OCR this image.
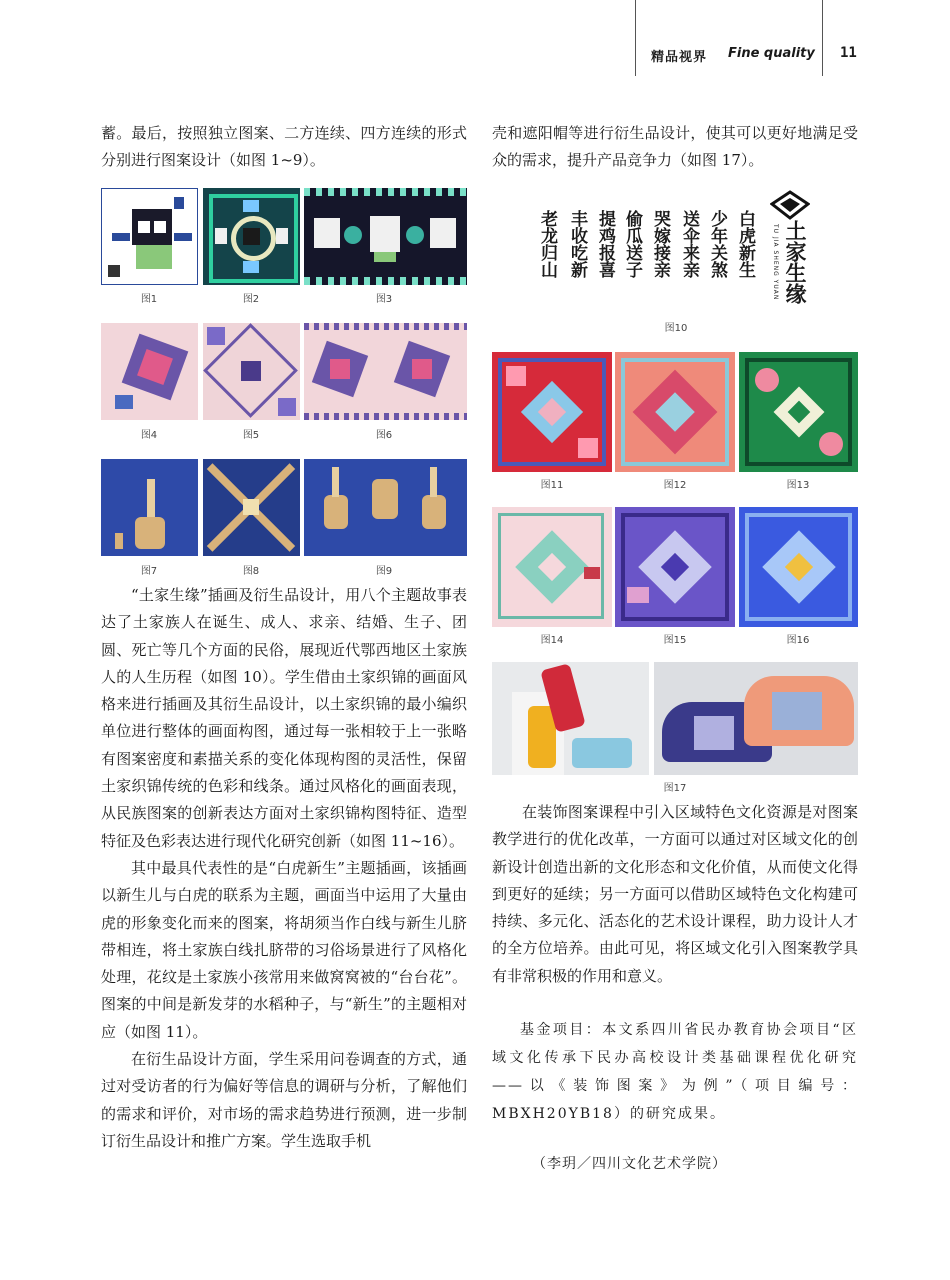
精品视界 Fine quality 11

蓄。最后，按照独立图案、二方连续、四方连续的形式分别进行图案设计（如图 1~9）。

图1	图2	图3
图4	图5	图6
图7	图8	图9

“土家生缘”插画及衍生品设计，用八个主题故事表达了土家族人在诞生、成人、求亲、结婚、生子、团圆、死亡等几个方面的民俗，展现近代鄂西地区土家族人的人生历程（如图 10）。学生借由土家织锦的画面风格来进行插画及其衍生品设计，以土家织锦的最小编织单位进行整体的画面构图，通过每一张相较于上一张略有图案密度和素描关系的变化体现构图的灵活性，保留土家织锦传统的色彩和线条。通过风格化的画面表现，从民族图案的创新表达方面对土家织锦构图特征、造型特征及色彩表达进行现代化研究创新（如图 11~16）。

其中最具代表性的是“白虎新生”主题插画，该插画以新生儿与白虎的联系为主题，画面当中运用了大量由虎的形象变化而来的图案，将胡须当作白线与新生儿脐带相连，将土家族白线扎脐带的习俗场景进行了风格化处理，花纹是土家族小孩常用来做窝窝被的“台台花”。图案的中间是新发芽的水稻种子，与“新生”的主题相对应（如图 11）。

在衍生品设计方面，学生采用问卷调查的方式，通过对受访者的行为偏好等信息的调研与分析，了解他们的需求和评价，对市场的需求趋势进行预测，进一步制订衍生品设计和推广方案。学生选取手机

壳和遮阳帽等进行衍生品设计，使其可以更好地满足受众的需求，提升产品竞争力（如图 17）。

老龙归山 丰收吃新 提鸡报喜 偷瓜送子 哭嫁接亲 送伞来亲 少年关煞 白虎新生	TU JIA SHENG YUAN 土家生缘
图10
图11	图12	图13
图14	图15	图16
图17

在装饰图案课程中引入区域特色文化资源是对图案教学进行的优化改革，一方面可以通过对区域文化的创新设计创造出新的文化形态和文化价值，从而使文化得到更好的延续；另一方面可以借助区域特色文化构建可持续、多元化、活态化的艺术设计课程，助力设计人才的全方位培养。由此可见，将区域文化引入图案教学具有非常积极的作用和意义。

基金项目：本文系四川省民办教育协会项目“区域文化传承下民办高校设计类基础课程优化研究——以《装饰图案》为例”（项目编号：MBXH20YB18）的研究成果。

（李玥／四川文化艺术学院）
